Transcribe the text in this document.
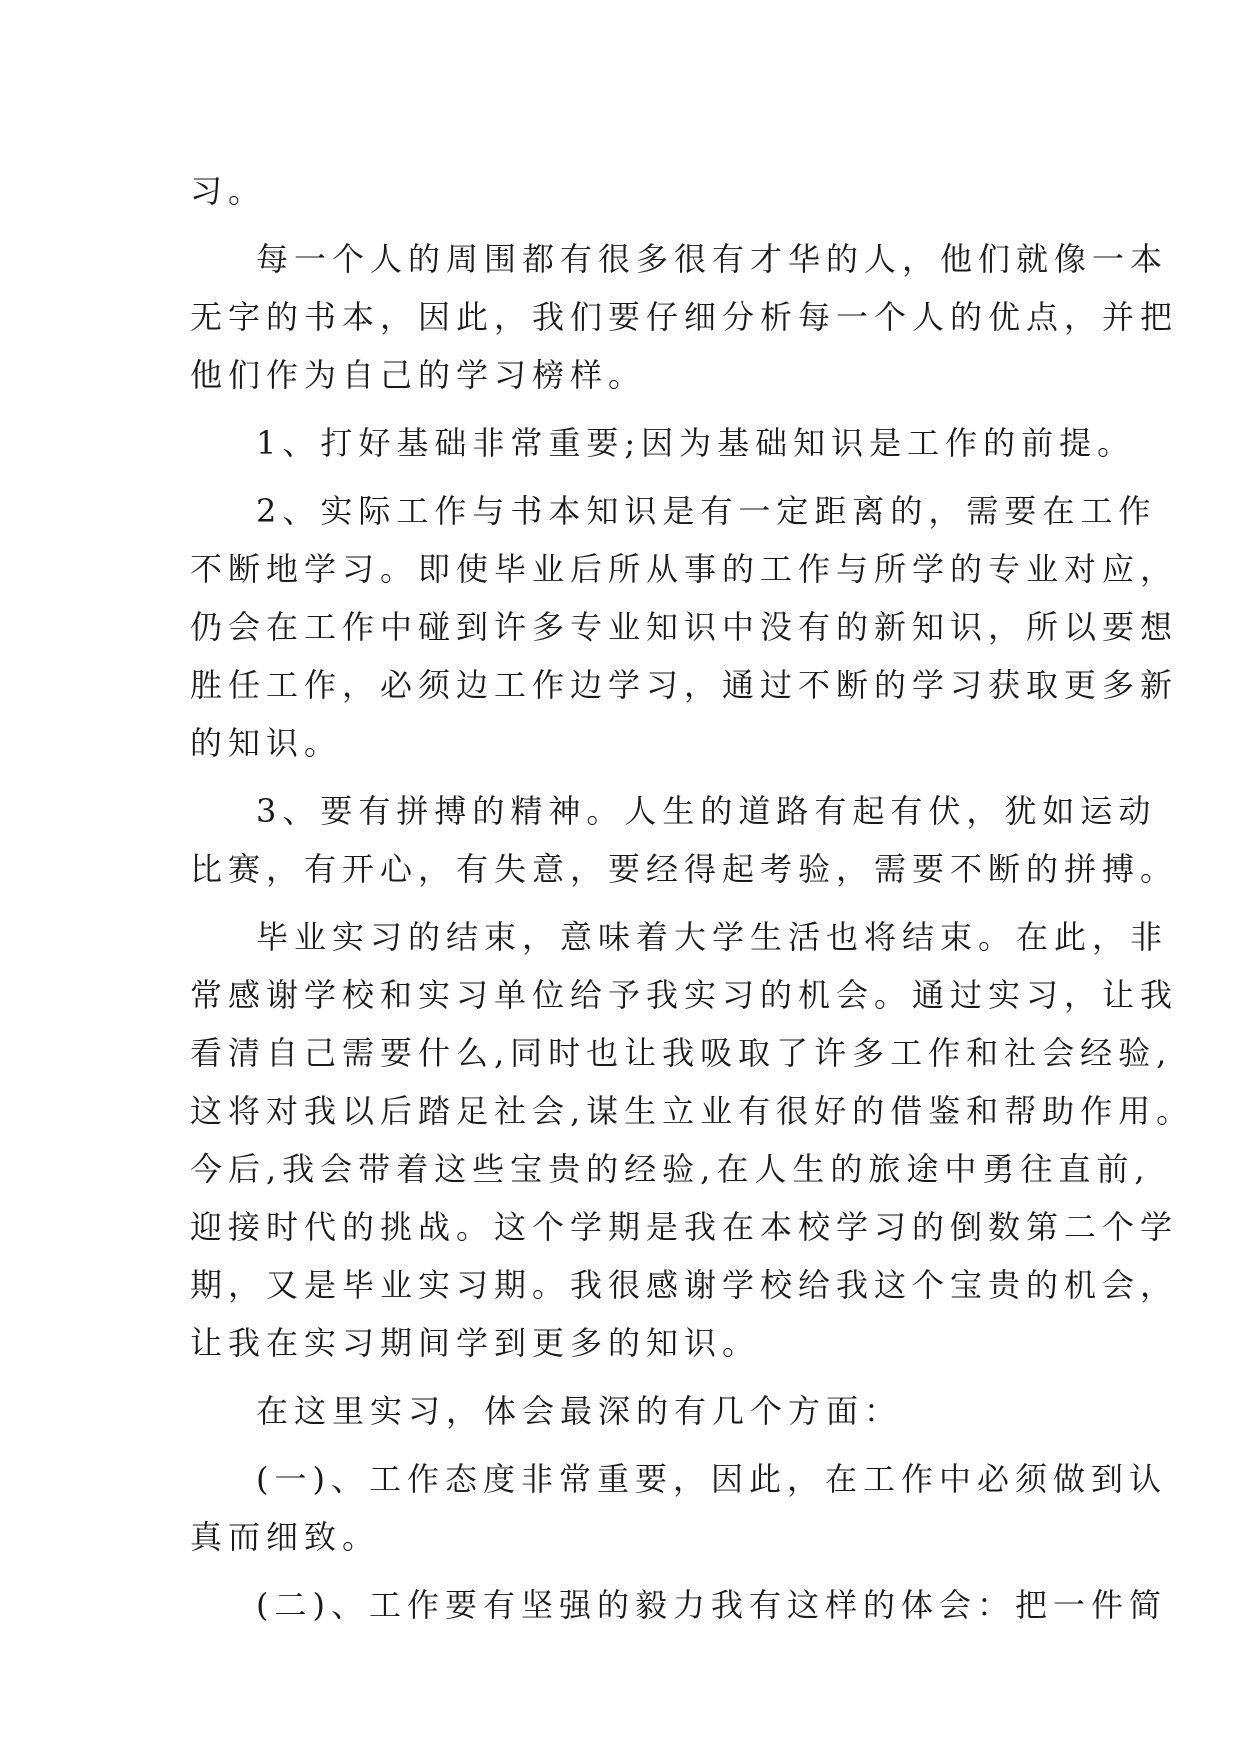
习。
每一个人的周围都有很多很有才华的人，他们就像一本
无字的书本，因此，我们要仔细分析每一个人的优点，并把
他们作为自己的学习榜样。
1、打好基础非常重要;因为基础知识是工作的前提。
2、实际工作与书本知识是有一定距离的，需要在工作
不断地学习。即使毕业后所从事的工作与所学的专业对应，
仍会在工作中碰到许多专业知识中没有的新知识，所以要想
胜任工作，必须边工作边学习，通过不断的学习获取更多新
的知识。
3、要有拼搏的精神。人生的道路有起有伏，犹如运动
比赛，有开心，有失意，要经得起考验，需要不断的拼搏。
毕业实习的结束，意味着大学生活也将结束。在此，非
常感谢学校和实习单位给予我实习的机会。通过实习，让我
看清自己需要什么,同时也让我吸取了许多工作和社会经验,
这将对我以后踏足社会,谋生立业有很好的借鉴和帮助作用。
今后,我会带着这些宝贵的经验,在人生的旅途中勇往直前,
迎接时代的挑战。这个学期是我在本校学习的倒数第二个学
期，又是毕业实习期。我很感谢学校给我这个宝贵的机会，
让我在实习期间学到更多的知识。
在这里实习，体会最深的有几个方面：
(一)、工作态度非常重要，因此，在工作中必须做到认
真而细致。
(二)、工作要有坚强的毅力我有这样的体会：把一件简
